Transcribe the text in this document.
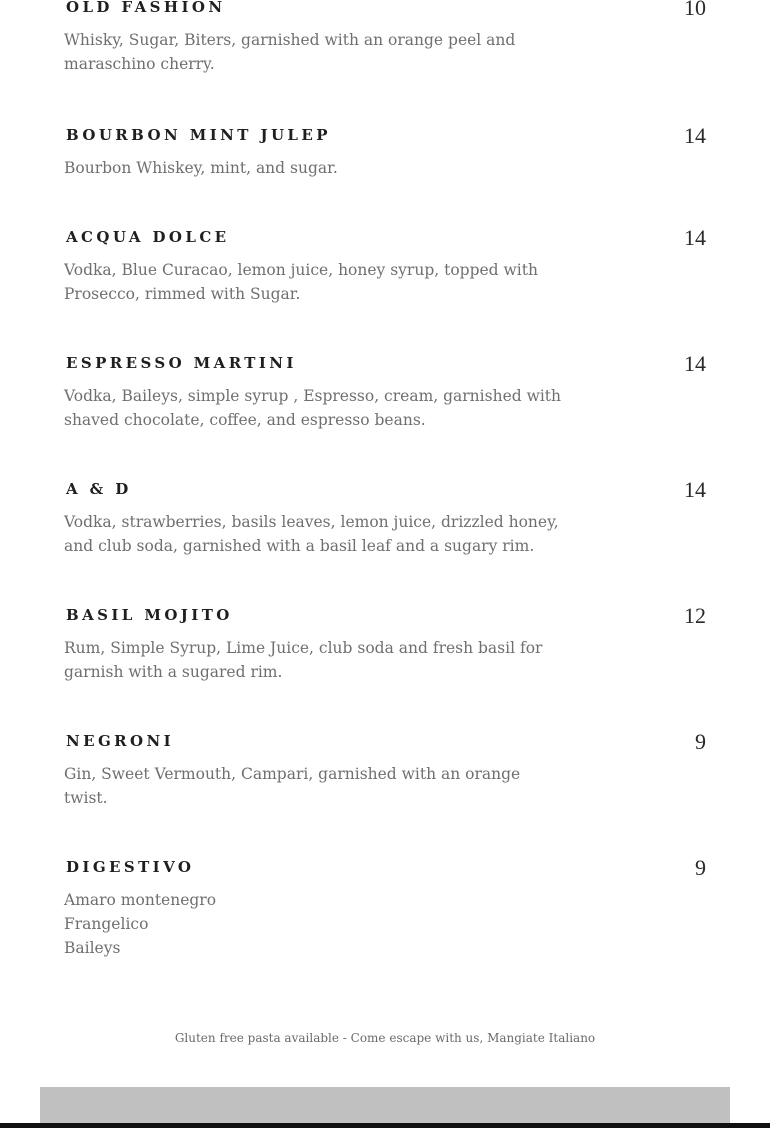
OLD FASHION	10
Whisky, Sugar, Biters, garnished with an orange peel and
maraschino cherry.
BOURBON MINT JULEP	14
Bourbon Whiskey, mint, and sugar.
ACQUA DOLCE	14
Vodka, Blue Curacao, lemon juice, honey syrup, topped with
Prosecco, rimmed with Sugar.
ESPRESSO MARTINI	14
Vodka, Baileys, simple syrup , Espresso, cream, garnished with
shaved chocolate, coffee, and espresso beans.
A & D	14
Vodka, strawberries, basils leaves, lemon juice, drizzled honey,
and club soda, garnished with a basil leaf and a sugary rim.
BASIL MOJITO	12
Rum, Simple Syrup, Lime Juice, club soda and fresh basil for
garnish with a sugared rim.
NEGRONI	9
Gin, Sweet Vermouth, Campari, garnished with an orange
twist.
DIGESTIVO	9
Amaro montenegro
Frangelico
Baileys
Gluten free pasta available - Come escape with us, Mangiate Italiano
